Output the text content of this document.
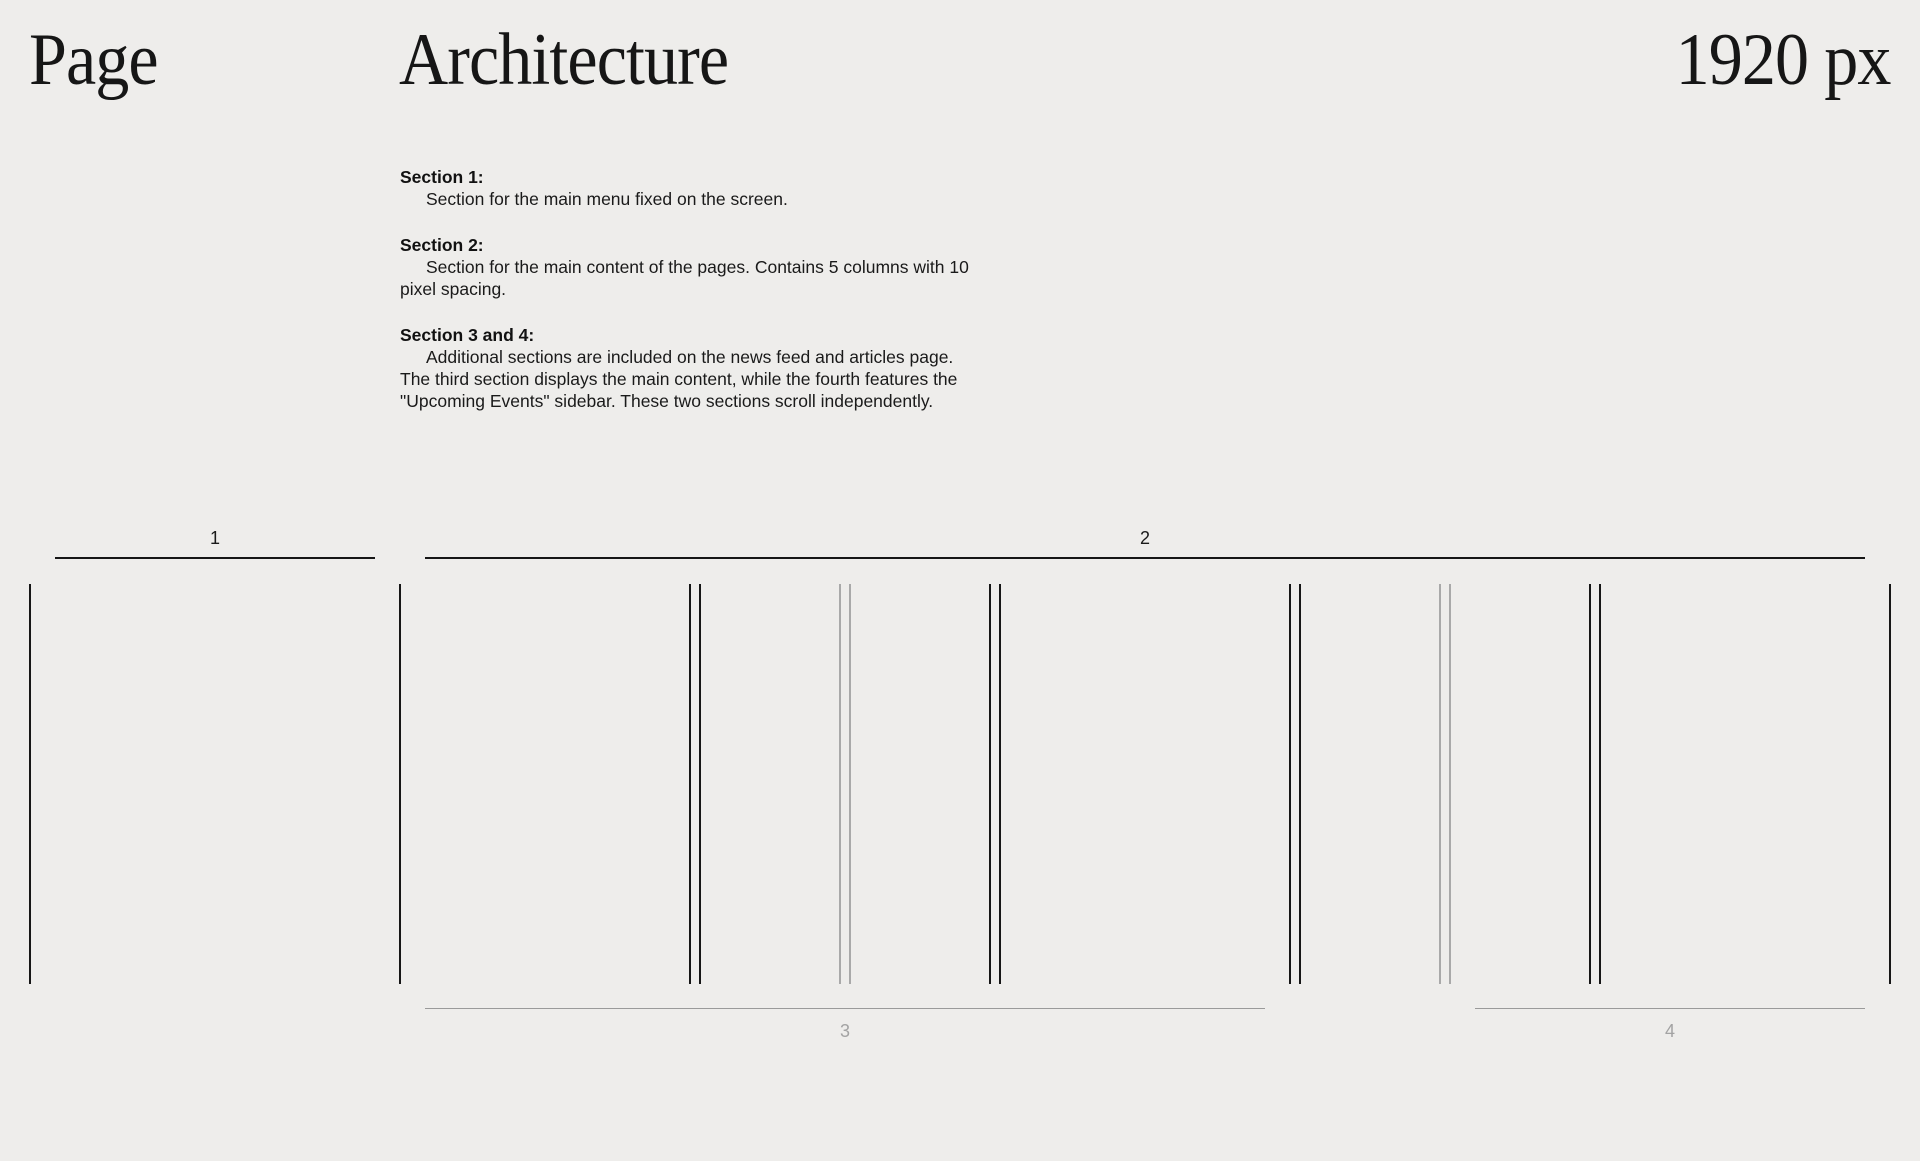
Page	Architecture	1920 px

Section 1:
Section for the main menu fixed on the screen.

Section 2:
Section for the main content of the pages. Contains 5 columns with 10 pixel spacing.

Section 3 and 4:
Additional sections are included on the news feed and articles page. The third section displays the main content, while the fourth features the "Upcoming Events" sidebar. These two sections scroll independently.

1	2
3	4
